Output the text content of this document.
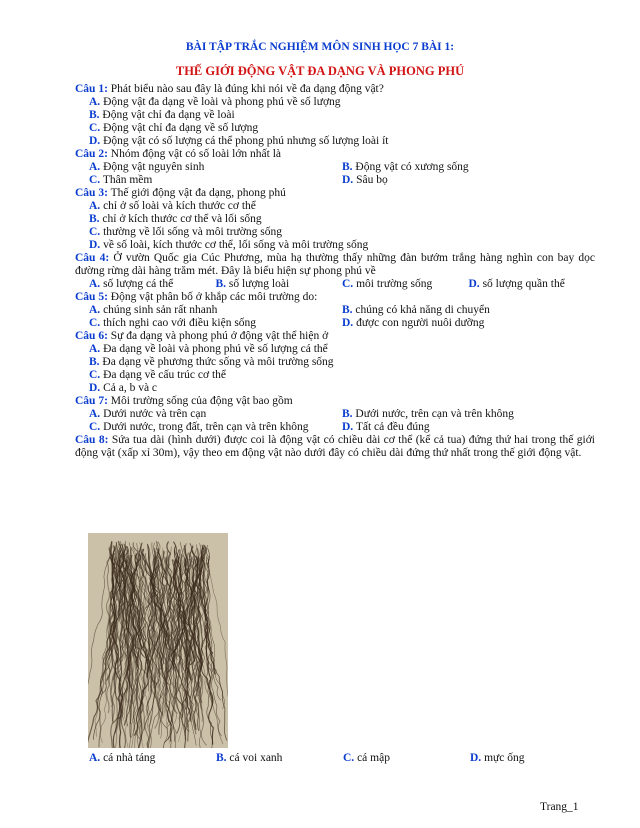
BÀI TẬP TRẮC NGHIỆM MÔN SINH HỌC 7 BÀI 1:
THẾ GIỚI ĐỘNG VẬT ĐA DẠNG VÀ PHONG PHÚ

Câu 1: Phát biểu nào sau đây là đúng khi nói về đa dạng động vật?

A. Động vật đa dạng về loài và phong phú về số lượng

B. Động vật chỉ đa dạng về loài

C. Động vật chỉ đa dạng về số lượng

D. Động vật có số lượng cá thể phong phú nhưng số lượng loài ít

Câu 2: Nhóm động vật có số loài lớn nhất là

A. Động vật nguyên sinh	B. Động vật có xương sống
C. Thân mềm	D. Sâu bọ

Câu 3: Thế giới động vật đa dạng, phong phú

A. chỉ ở số loài và kích thước cơ thể

B. chỉ ở kích thước cơ thể và lối sống

C. thường về lối sống và môi trường sống

D. về số loài, kích thước cơ thể, lối sống và môi trường sống

Câu 4: Ở vườn Quốc gia Cúc Phương, mùa hạ thường thấy những đàn bướm trắng hàng nghìn con bay dọc đường rừng dài hàng trăm mét. Đây là biểu hiện sự phong phú về

A. số lượng cá thể	B. số lượng loài	C. môi trường sống	D. số lượng quần thể

Câu 5: Động vật phân bố ở khắp các môi trường do:

A. chúng sinh sản rất nhanh	B. chúng có khả năng di chuyển
C. thích nghi cao với điều kiện sống	D. được con người nuôi dưỡng

Câu 6: Sự đa dạng và phong phú ở động vật thể hiện ở

A. Đa dạng về loài và phong phú về số lượng cá thể

B. Đa dạng về phương thức sống và môi trường sống

C. Đa dạng về cấu trúc cơ thể

D. Cả a, b và c

Câu 7: Môi trường sống của động vật bao gồm

A. Dưới nước và trên cạn	B. Dưới nước, trên cạn và trên không
C. Dưới nước, trong đất, trên cạn và trên không	D. Tất cả đều đúng

Câu 8: Sứa tua dài (hình dưới) được coi là động vật có chiều dài cơ thể (kể cả tua) đứng thứ hai trong thế giới động vật (xấp xỉ 30m), vậy theo em động vật nào dưới đây có chiều dài đứng thứ nhất trong thế giới động vật.

A. cá nhà táng	B. cá voi xanh	C. cá mập	D. mực ống
Trang_1
